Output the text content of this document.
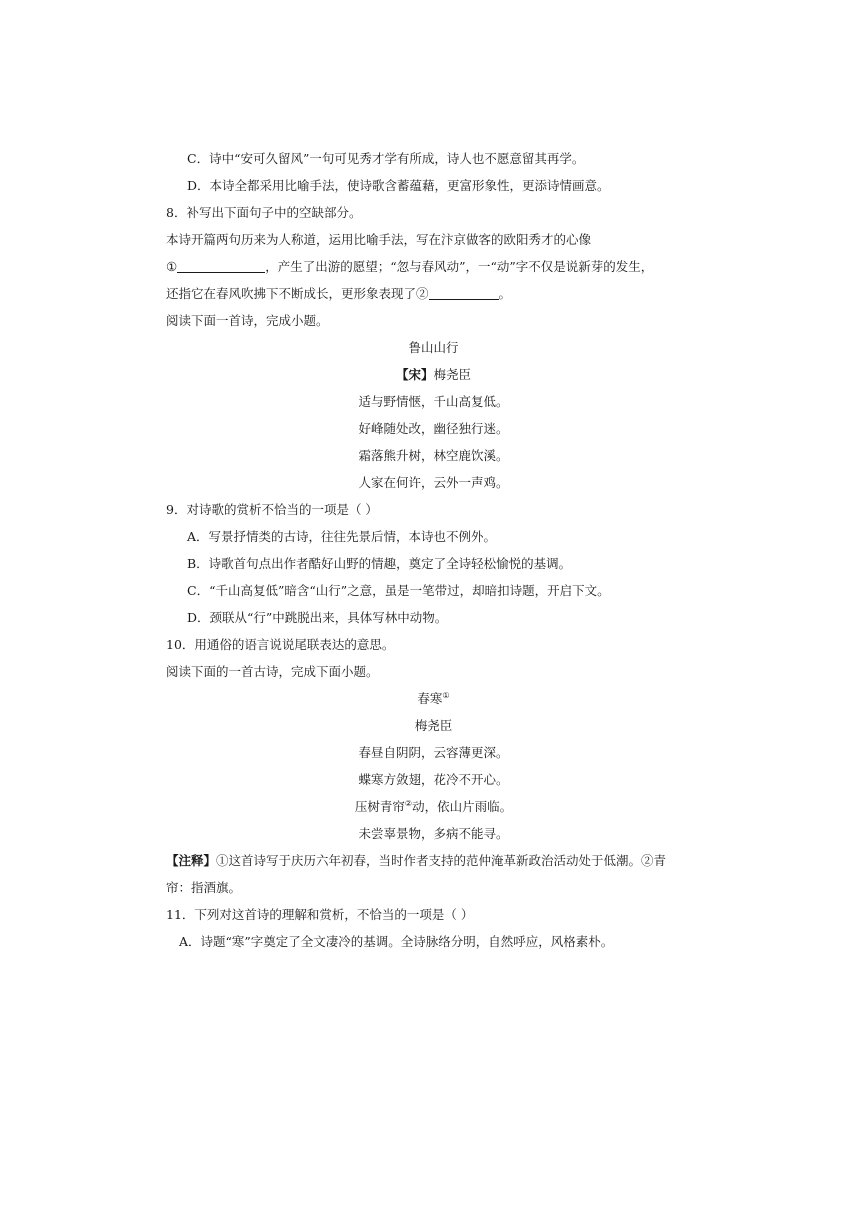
C．诗中“安可久留风”一句可见秀才学有所成，诗人也不愿意留其再学。
D．本诗全都采用比喻手法，使诗歌含蓄蕴藉，更富形象性，更添诗情画意。
8．补写出下面句子中的空缺部分。
本诗开篇两句历来为人称道，运用比喻手法，写在汴京做客的欧阳秀才的心像
①	，产生了出游的愿望；“忽与春风动”，一“动”字不仅是说新芽的发生，
还指它在春风吹拂下不断成长，更形象表现了②	。
阅读下面一首诗，完成小题。
鲁山山行
【宋】梅尧臣
适与野情惬，千山高复低。
好峰随处改，幽径独行迷。
霜落熊升树，林空鹿饮溪。
人家在何许，云外一声鸡。
9．对诗歌的赏析不恰当的一项是（ ）
A．写景抒情类的古诗，往往先景后情，本诗也不例外。
B．诗歌首句点出作者酷好山野的情趣，奠定了全诗轻松愉悦的基调。
C．“千山高复低”暗含“山行”之意，虽是一笔带过，却暗扣诗题，开启下文。
D．颈联从“行”中跳脱出来，具体写林中动物。
10．用通俗的语言说说尾联表达的意思。
阅读下面的一首古诗，完成下面小题。
春寒①
梅尧臣
春昼自阴阴，云容薄更深。
蝶寒方敛翅，花冷不开心。
压树青帘②动，依山片雨临。
未尝辜景物，多病不能寻。
【注释】①这首诗写于庆历六年初春，当时作者支持的范仲淹革新政治活动处于低潮。②青
帘：指酒旗。
11．下列对这首诗的理解和赏析，不恰当的一项是（ ）
A．诗题“寒”字奠定了全文凄冷的基调。全诗脉络分明，自然呼应，风格素朴。
